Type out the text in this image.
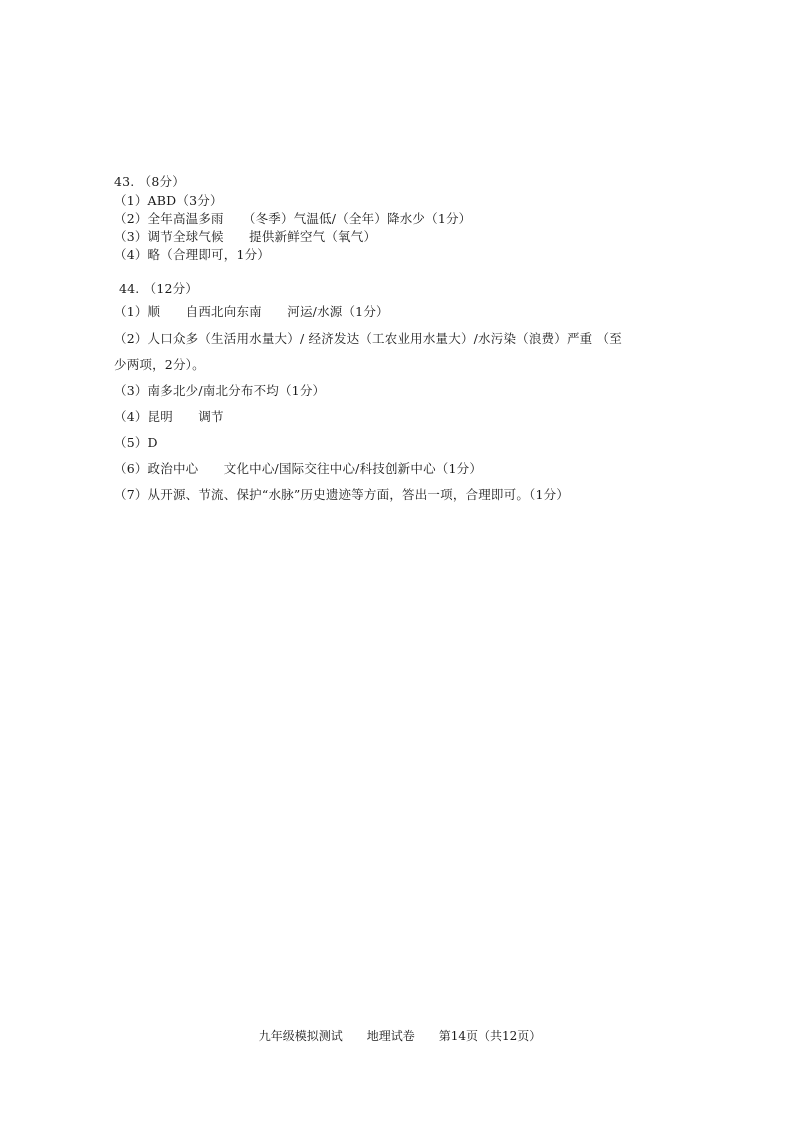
43. （8分）
（1）ABD（3分）
（2）全年高温多雨　　（冬季）气温低/（全年）降水少（1分）
（3）调节全球气候　　提供新鲜空气（氧气）
（4）略（合理即可，1分）
44. （12分）
（1）顺　　自西北向东南　　河运/水源（1分）
（2）人口众多（生活用水量大）/ 经济发达（工农业用水量大）/水污染（浪费）严重 （至
少两项，2分）。
（3）南多北少/南北分布不均（1分）
（4）昆明　　调节
（5）D
（6）政治中心　　文化中心/国际交往中心/科技创新中心（1分）
（7）从开源、节流、保护“水脉”历史遗迹等方面，答出一项，合理即可。（1分）
九年级模拟测试　　地理试卷　　第14页（共12页）
